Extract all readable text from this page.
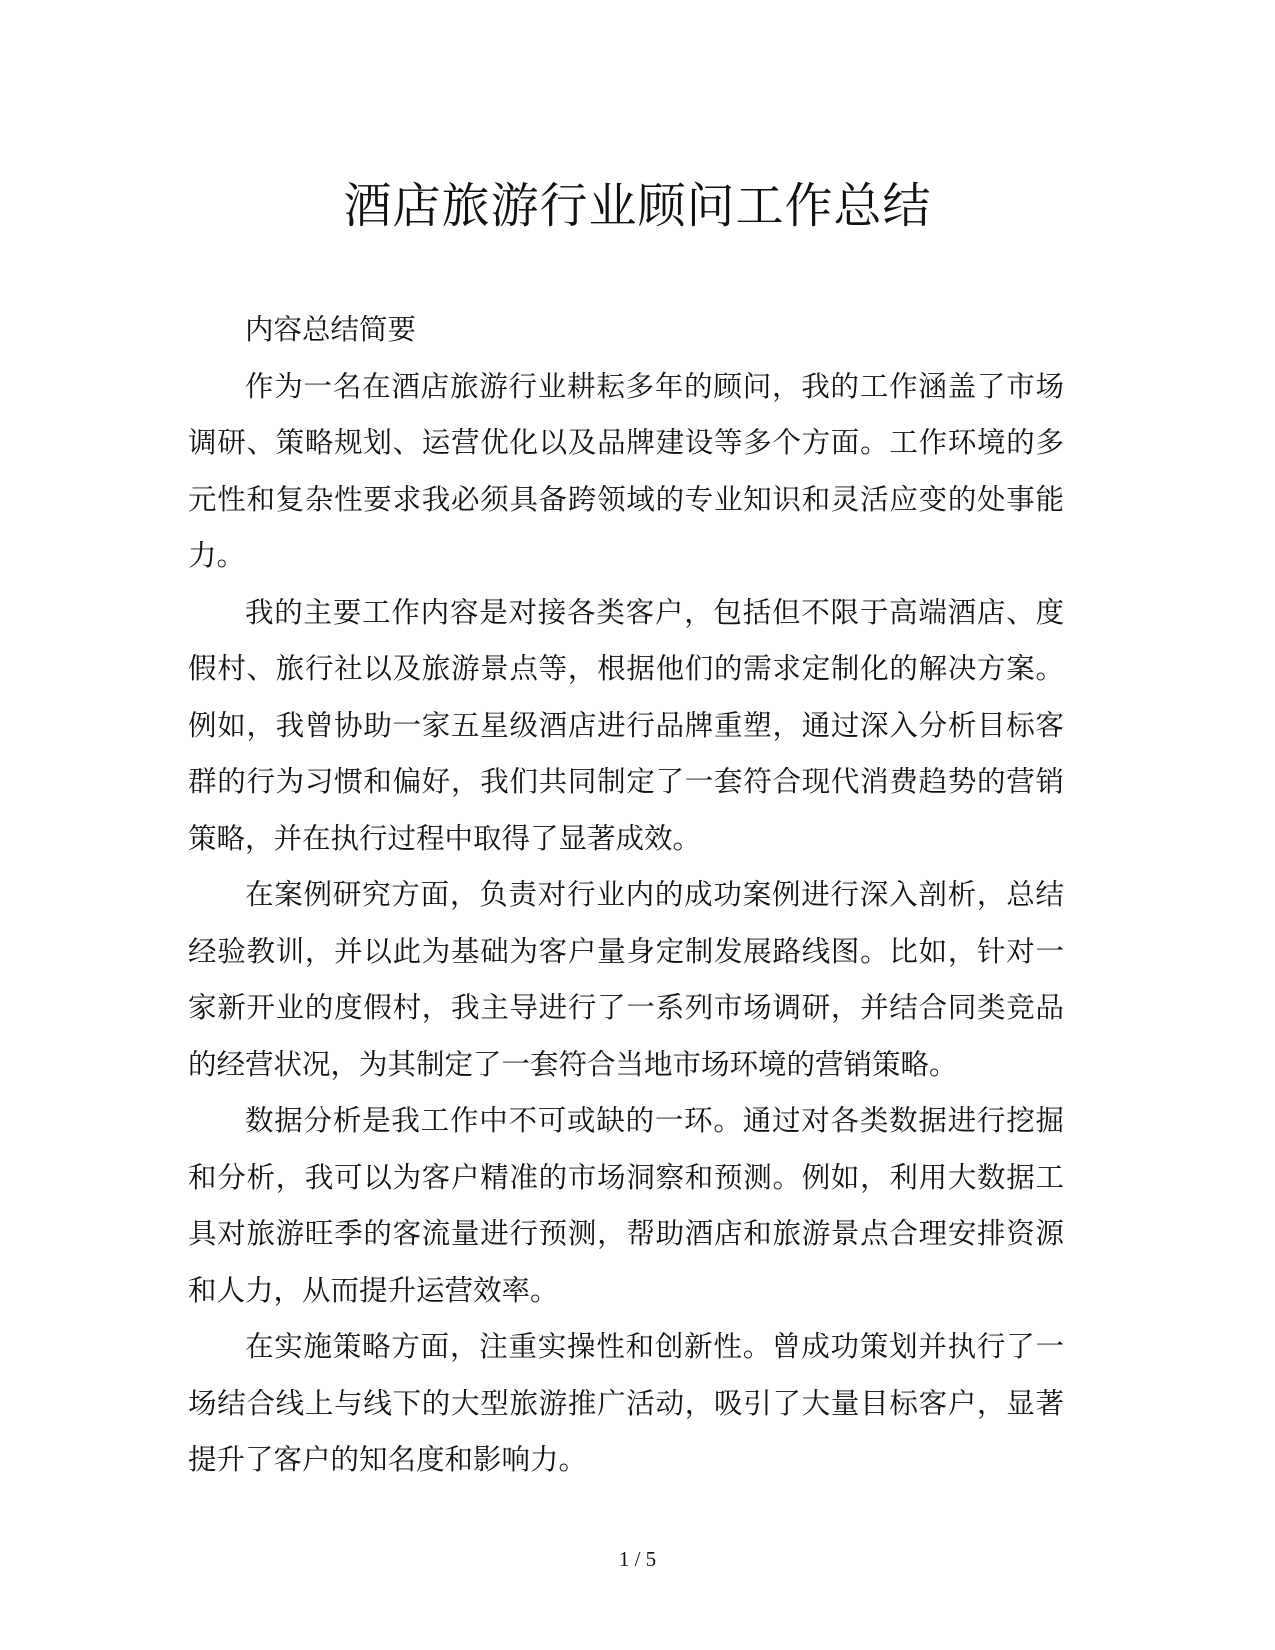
酒店旅游行业顾问工作总结

内容总结简要

作为一名在酒店旅游行业耕耘多年的顾问，我的工作涵盖了市场调研、策略规划、运营优化以及品牌建设等多个方面。工作环境的多元性和复杂性要求我必须具备跨领域的专业知识和灵活应变的处事能力。

我的主要工作内容是对接各类客户，包括但不限于高端酒店、度假村、旅行社以及旅游景点等，根据他们的需求定制化的解决方案。例如，我曾协助一家五星级酒店进行品牌重塑，通过深入分析目标客群的行为习惯和偏好，我们共同制定了一套符合现代消费趋势的营销策略，并在执行过程中取得了显著成效。

在案例研究方面，负责对行业内的成功案例进行深入剖析，总结经验教训，并以此为基础为客户量身定制发展路线图。比如，针对一家新开业的度假村，我主导进行了一系列市场调研，并结合同类竞品的经营状况，为其制定了一套符合当地市场环境的营销策略。

数据分析是我工作中不可或缺的一环。通过对各类数据进行挖掘和分析，我可以为客户精准的市场洞察和预测。例如，利用大数据工具对旅游旺季的客流量进行预测，帮助酒店和旅游景点合理安排资源和人力，从而提升运营效率。

在实施策略方面，注重实操性和创新性。曾成功策划并执行了一场结合线上与线下的大型旅游推广活动，吸引了大量目标客户，显著提升了客户的知名度和影响力。

1 / 5
